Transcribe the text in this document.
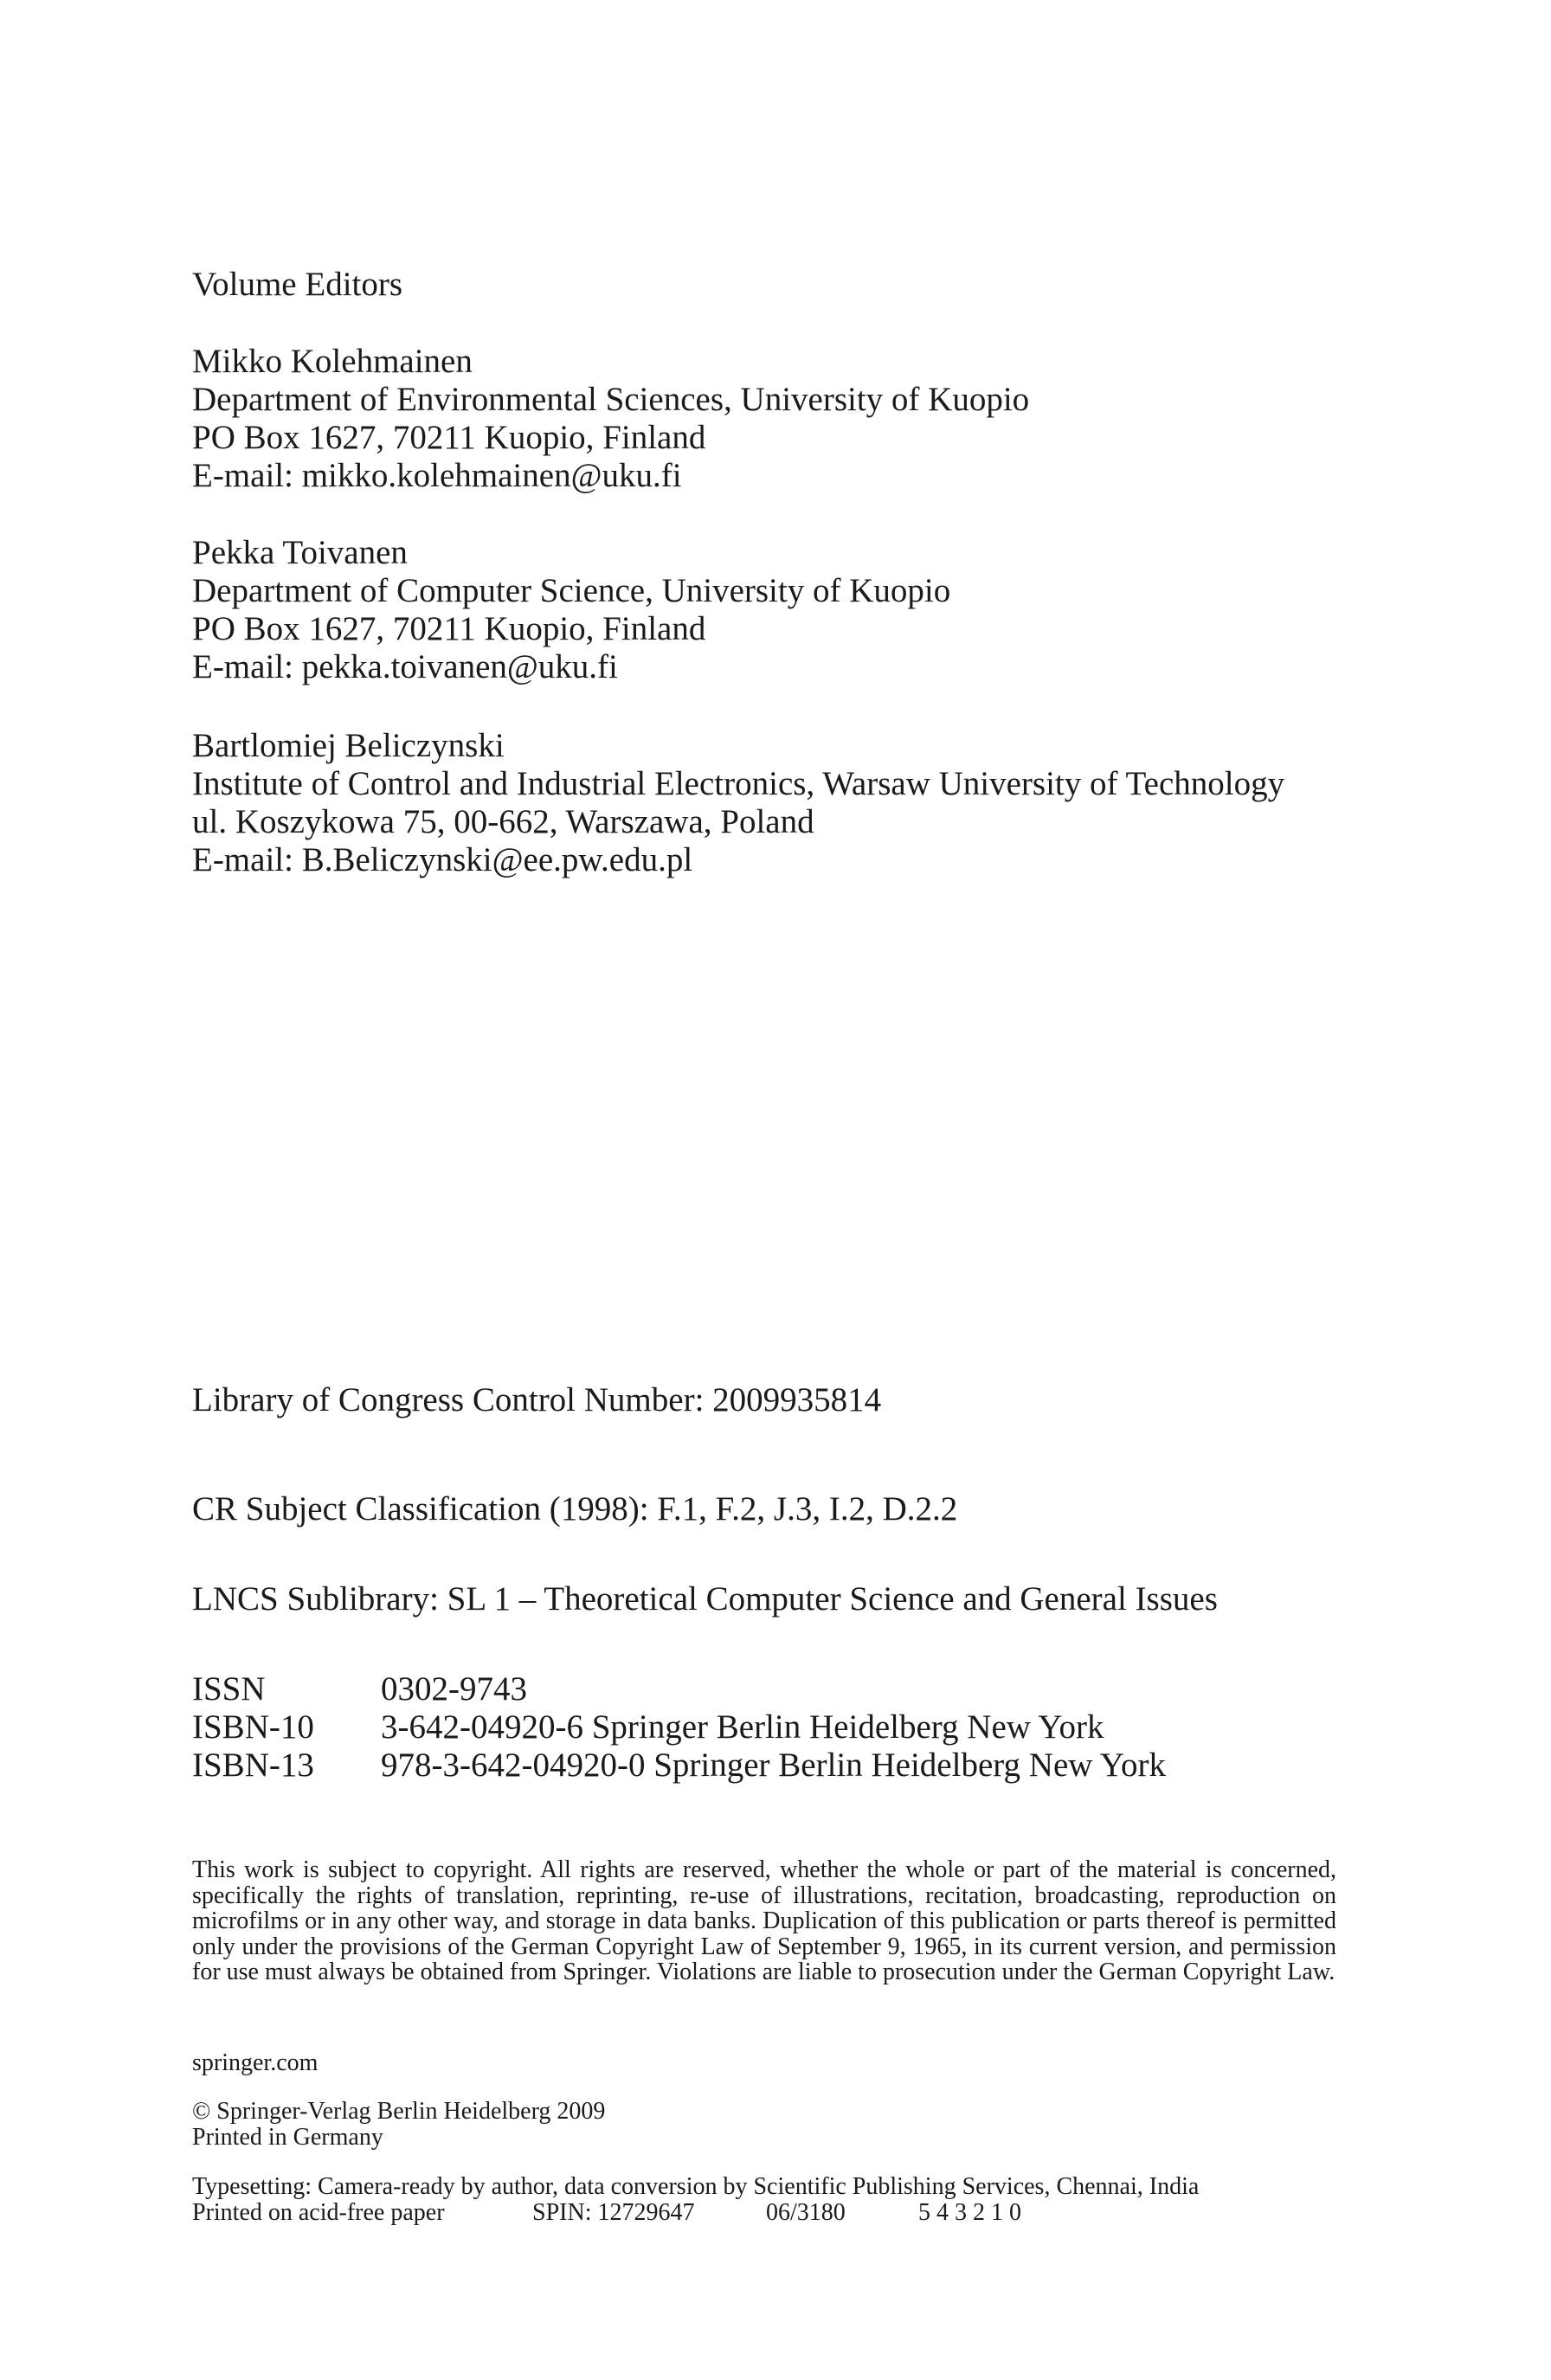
Volume Editors

Mikko Kolehmainen

Department of Environmental Sciences, University of Kuopio

PO Box 1627, 70211 Kuopio, Finland

E-mail: mikko.kolehmainen@uku.fi

Pekka Toivanen

Department of Computer Science, University of Kuopio

PO Box 1627, 70211 Kuopio, Finland

E-mail: pekka.toivanen@uku.fi

Bartlomiej Beliczynski

Institute of Control and Industrial Electronics, Warsaw University of Technology

ul. Koszykowa 75, 00-662, Warszawa, Poland

E-mail: B.Beliczynski@ee.pw.edu.pl

Library of Congress Control Number: 2009935814

CR Subject Classification (1998): F.1, F.2, J.3, I.2, D.2.2

LNCS Sublibrary: SL 1 – Theoretical Computer Science and General Issues

ISSN	0302-9743
ISBN-10	3-642-04920-6 Springer Berlin Heidelberg New York
ISBN-13	978-3-642-04920-0 Springer Berlin Heidelberg New York

This work is subject to copyright. All rights are reserved, whether the whole or part of the material is concerned, specifically the rights of translation, reprinting, re-use of illustrations, recitation, broadcasting, reproduction on microfilms or in any other way, and storage in data banks. Duplication of this publication or parts thereof is permitted only under the provisions of the German Copyright Law of September 9, 1965, in its current version, and permission for use must always be obtained from Springer. Violations are liable to prosecution under the German Copyright Law.

springer.com

© Springer-Verlag Berlin Heidelberg 2009

Printed in Germany

Typesetting: Camera-ready by author, data conversion by Scientific Publishing Services, Chennai, India

Printed on acid-free paper	SPIN: 12729647	06/3180	5 4 3 2 1 0
